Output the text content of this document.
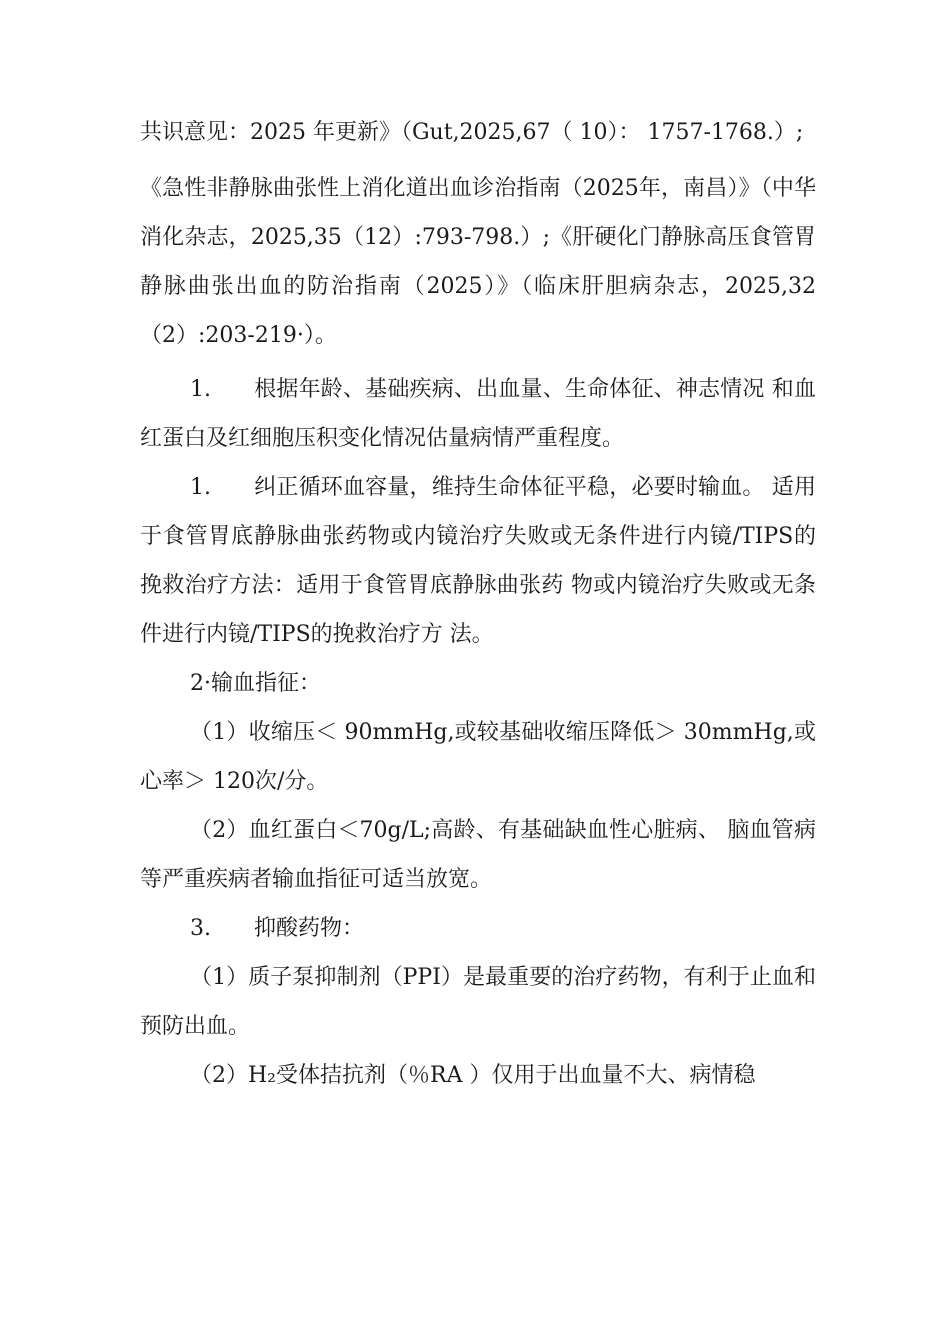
共识意见：2025 年更新》（Gut,2025,67（ 10）： 1757-1768.）;

《急性非静脉曲张性上消化道出血诊治指南（2025年，南昌）》（中华消化杂志，2025,35（12）:793-798.）;《肝硬化门静脉高压食管胃静脉曲张出血的防治指南（2025）》（临床肝胆病杂志，2025,32（2）:203-219·）。

1. 根据年龄、基础疾病、出血量、生命体征、神志情况 和血红蛋白及红细胞压积变化情况估量病情严重程度。

1. 纠正循环血容量，维持生命体征平稳，必要时输血。 适用于食管胃底静脉曲张药物或内镜治疗失败或无条件进行内镜/TIPS的挽救治疗方法：适用于食管胃底静脉曲张药 物或内镜治疗失败或无条件进行内镜/TIPS的挽救治疗方 法。

2·输血指征：

（1）收缩压＜ 90mmHg,或较基础收缩压降低＞ 30mmHg,或心率＞ 120次/分。

（2）血红蛋白＜70g/L;高龄、有基础缺血性心脏病、 脑血管病等严重疾病者输血指征可适当放宽。

3. 抑酸药物：

（1）质子泵抑制剂（PPI）是最重要的治疗药物，有利于止血和预防出血。

（2）H₂受体拮抗剂（％RA ）仅用于出血量不大、病情稳
